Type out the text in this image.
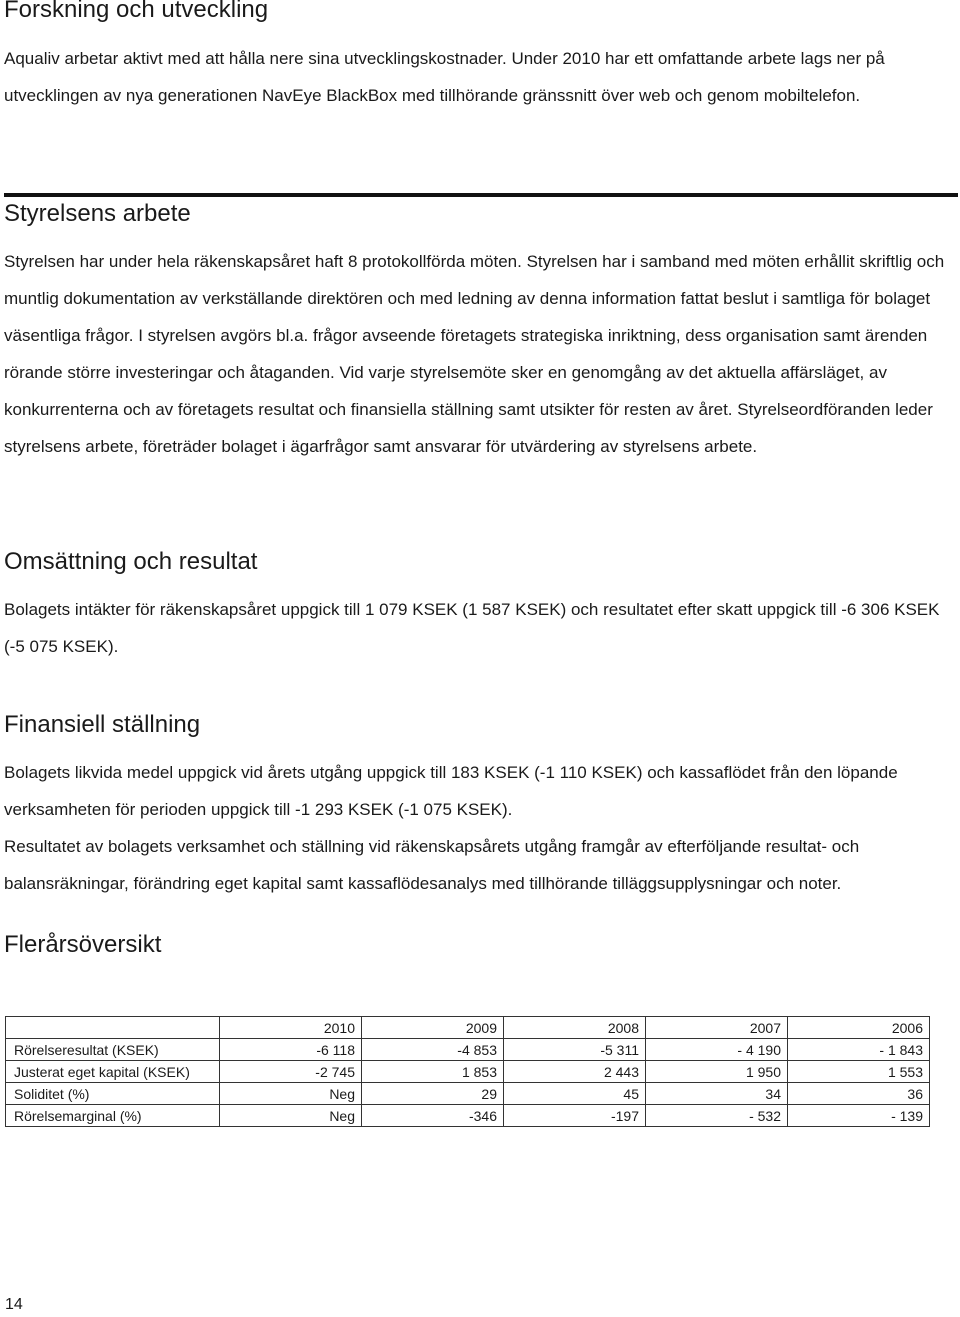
Forskning och utveckling

Aqualiv arbetar aktivt med att hålla nere sina utvecklingskostnader. Under 2010 har ett omfattande arbete lags ner på utvecklingen av nya generationen NavEye BlackBox med tillhörande gränssnitt över web och genom mobiltelefon.

Styrelsens arbete

Styrelsen har under hela räkenskapsåret haft 8 protokollförda möten. Styrelsen har i samband med möten erhållit skriftlig och muntlig dokumentation av verkställande direktören och med ledning av denna information fattat beslut i samtliga för bolaget väsentliga frågor. I styrelsen avgörs bl.a. frågor avseende företagets strategiska inriktning, dess organisation samt ärenden rörande större investeringar och åtaganden. Vid varje styrelsemöte sker en genomgång av det aktuella affärsläget, av konkurrenterna och av företagets resultat och finansiella ställning samt utsikter för resten av året. Styrelseordföranden leder styrelsens arbete, företräder bolaget i ägarfrågor samt ansvarar för utvärdering av styrelsens arbete.

Omsättning och resultat

Bolagets intäkter för räkenskapsåret uppgick till 1 079 KSEK (1 587 KSEK) och resultatet efter skatt uppgick till -6 306 KSEK (-5 075 KSEK).

Finansiell ställning

Bolagets likvida medel uppgick vid årets utgång uppgick till 183 KSEK (-1 110 KSEK) och kassaflödet från den löpande verksamheten för perioden uppgick till -1 293 KSEK (-1 075 KSEK).

Resultatet av bolagets verksamhet och ställning vid räkenskapsårets utgång framgår av efterföljande resultat- och balansräkningar, förändring eget kapital samt kassaflödesanalys med tillhörande tilläggsupplysningar och noter.

Flerårsöversikt
	2010	2009	2008	2007	2006
Rörelseresultat (KSEK)	-6 118	-4 853	-5 311	- 4 190	- 1 843
Justerat eget kapital (KSEK)	-2 745	1 853	2 443	1 950	1 553
Soliditet (%)	Neg	29	45	34	36
Rörelsemarginal (%)	Neg	-346	-197	- 532	- 139
14
